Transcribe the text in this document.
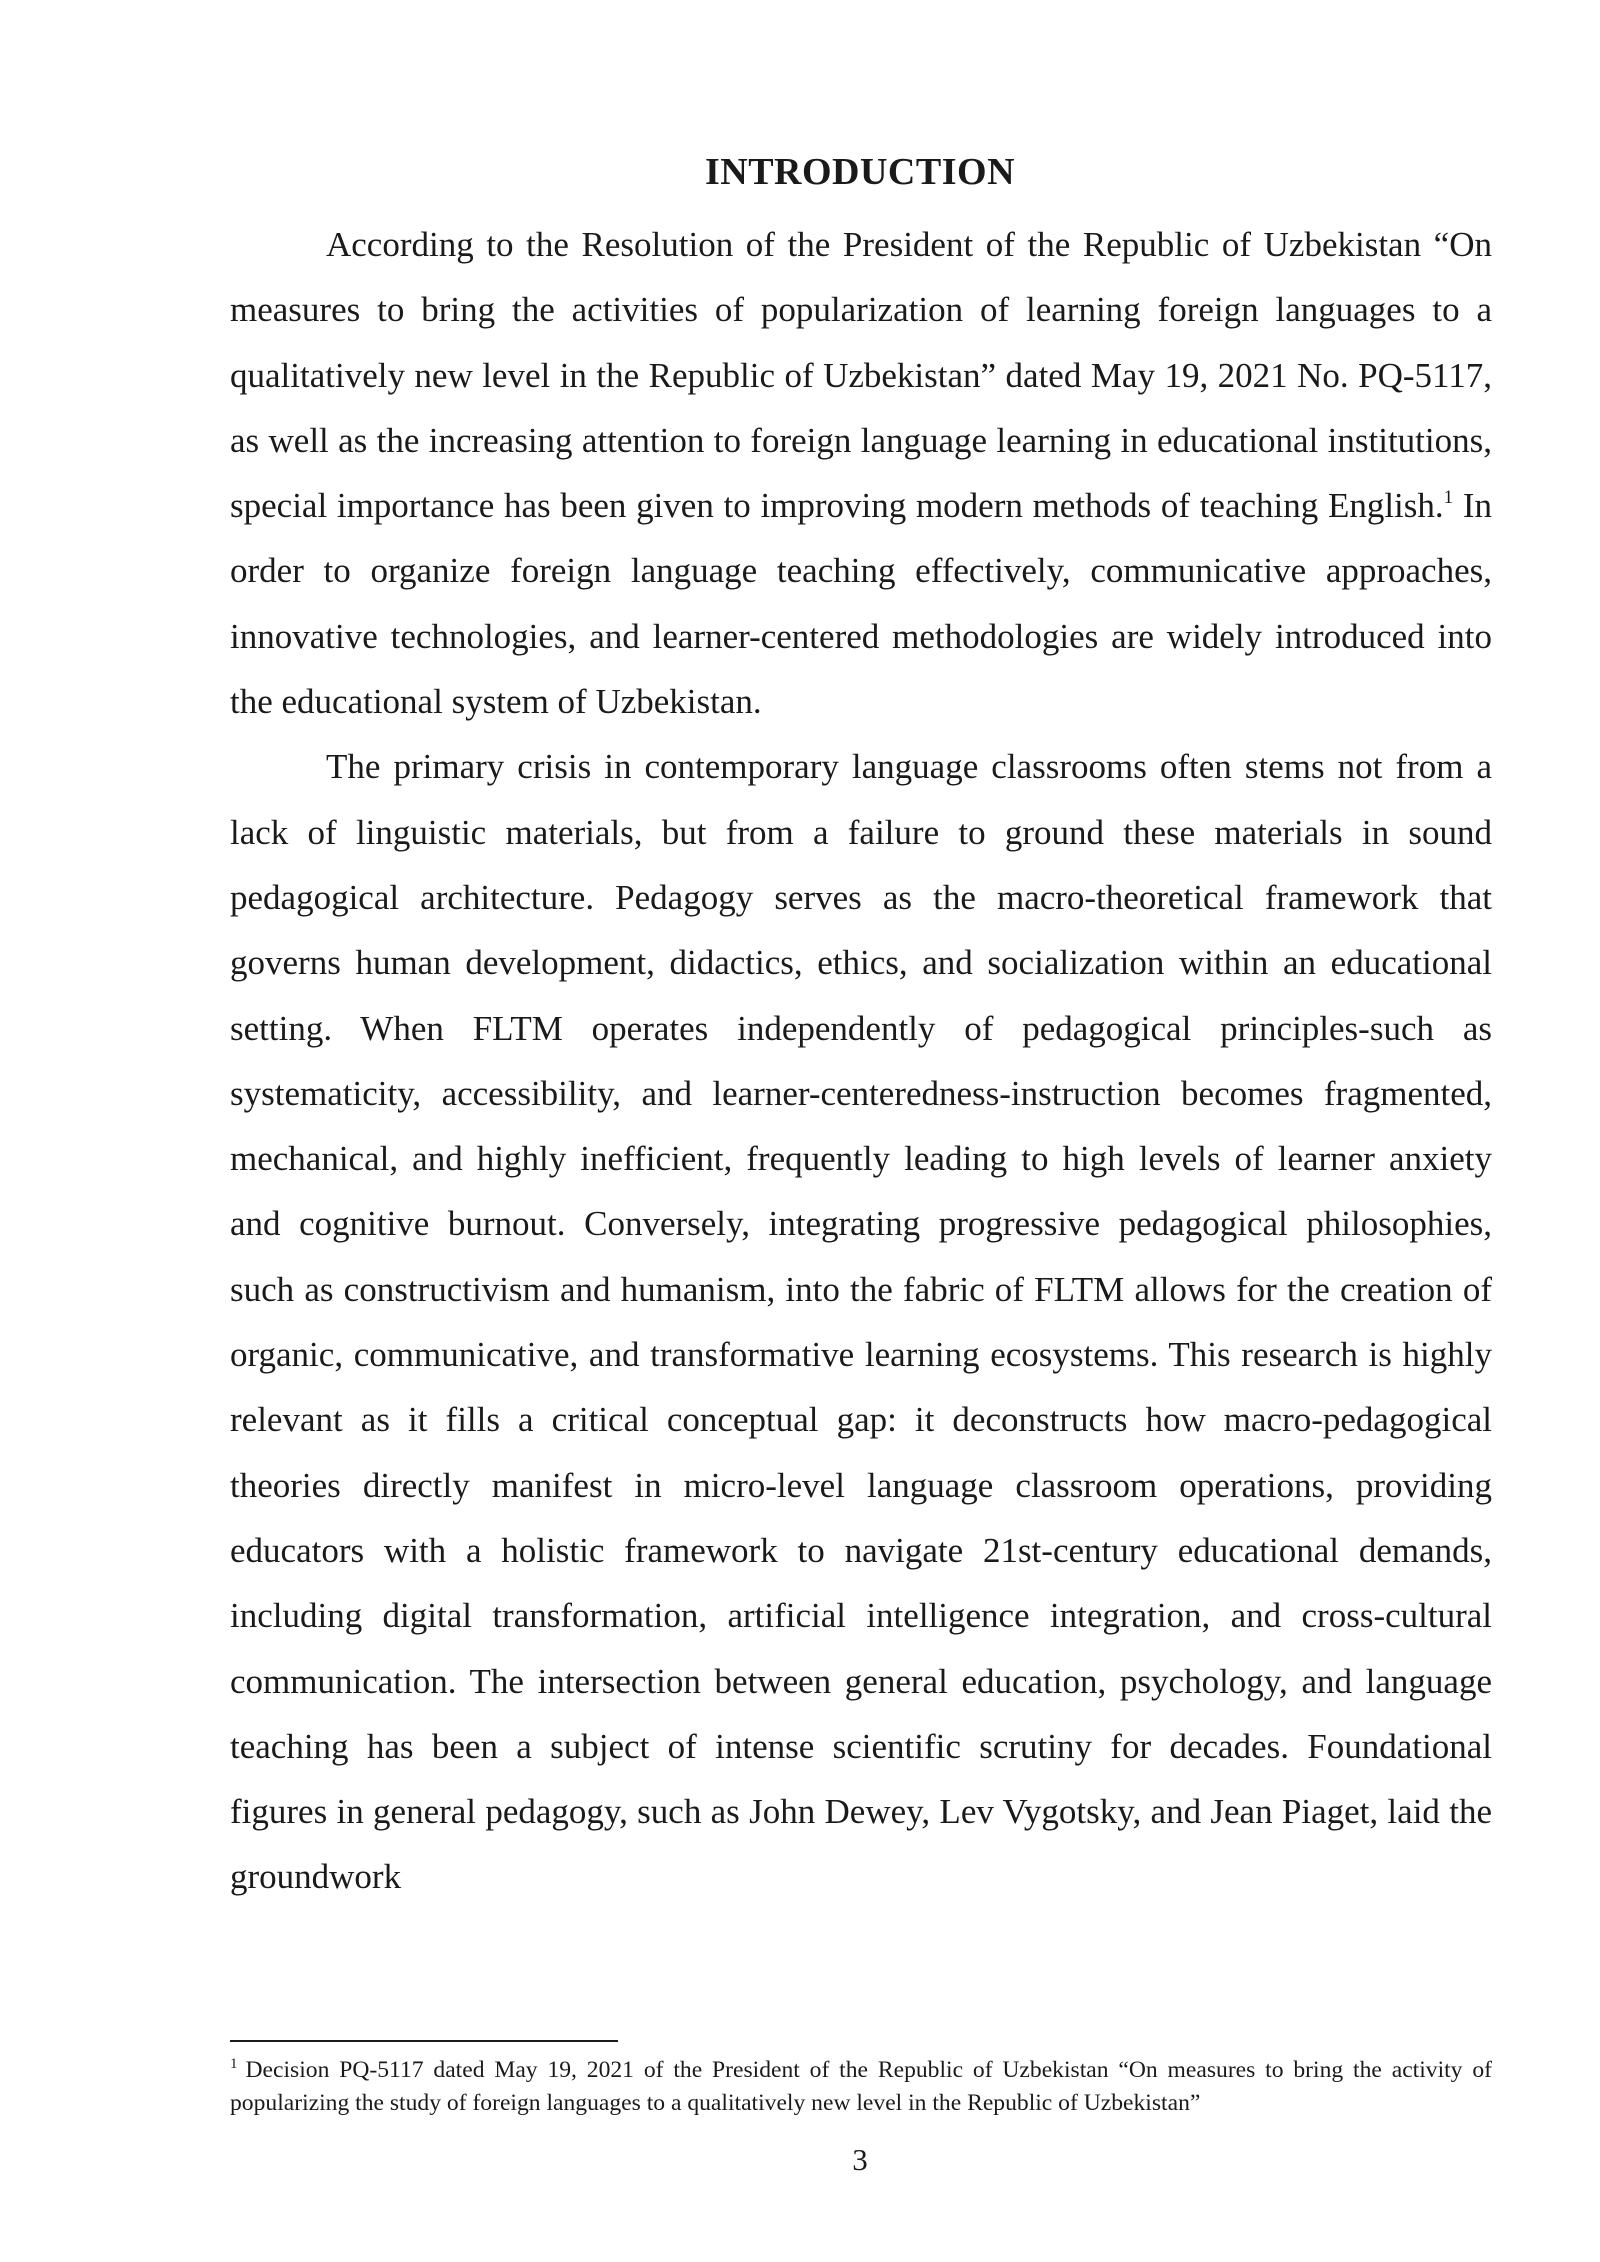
INTRODUCTION

According to the Resolution of the President of the Republic of Uzbekistan “On measures to bring the activities of popularization of learning foreign languages to a qualitatively new level in the Republic of Uzbekistan” dated May 19, 2021 No. PQ-5117, as well as the increasing attention to foreign language learning in educational institutions, special importance has been given to improving modern methods of teaching English.$^1$ In order to organize foreign language teaching effectively, communicative approaches, innovative technologies, and learner-centered methodologies are widely introduced into the educational system of Uzbekistan.

The primary crisis in contemporary language classrooms often stems not from a lack of linguistic materials, but from a failure to ground these materials in sound pedagogical architecture. Pedagogy serves as the macro-theoretical framework that governs human development, didactics, ethics, and socialization within an educational setting. When FLTM operates independently of pedagogical principles-such as systematicity, accessibility, and learner-centeredness-instruction becomes fragmented, mechanical, and highly inefficient, frequently leading to high levels of learner anxiety and cognitive burnout. Conversely, integrating progressive pedagogical philosophies, such as constructivism and humanism, into the fabric of FLTM allows for the creation of organic, communicative, and transformative learning ecosystems. This research is highly relevant as it fills a critical conceptual gap: it deconstructs how macro-pedagogical theories directly manifest in micro-level language classroom operations, providing educators with a holistic framework to navigate 21st-century educational demands, including digital transformation, artificial intelligence integration, and cross-cultural communication. The intersection between general education, psychology, and language teaching has been a subject of intense scientific scrutiny for decades. Foundational figures in general pedagogy, such as John Dewey, Lev Vygotsky, and Jean Piaget, laid the groundwork

$^1$ Decision PQ-5117 dated May 19, 2021 of the President of the Republic of Uzbekistan “On measures to bring the activity of popularizing the study of foreign languages to a qualitatively new level in the Republic of Uzbekistan”
3
